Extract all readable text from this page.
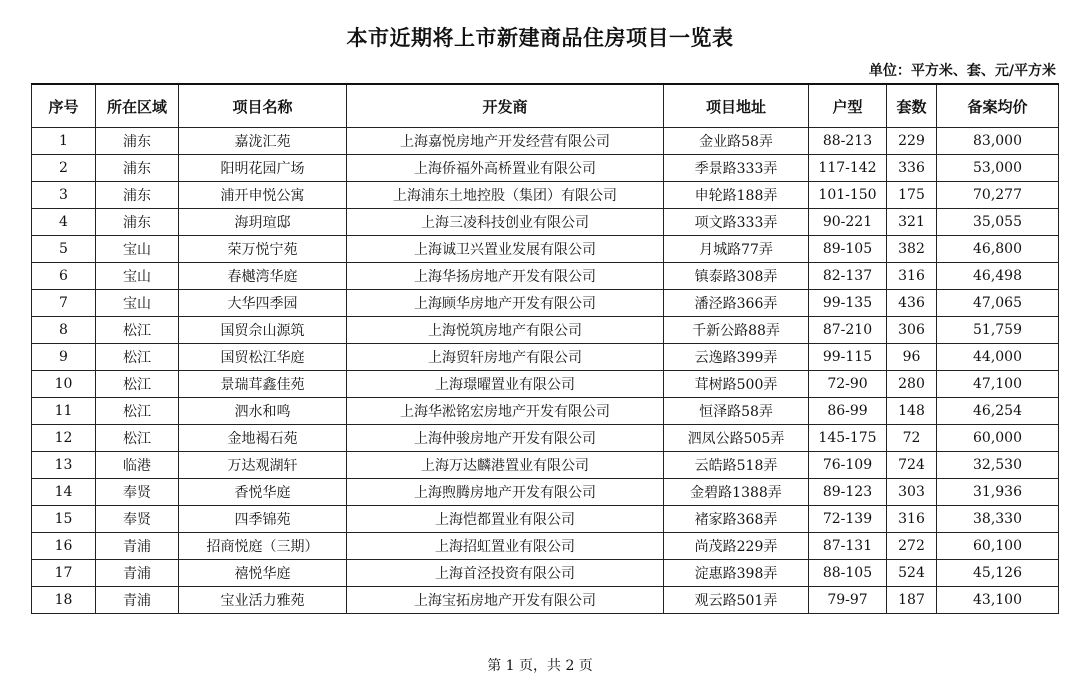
本市近期将上市新建商品住房项目一览表
单位：平方米、套、元/平方米
序号	所在区域	项目名称	开发商	项目地址	户型	套数	备案均价
1	浦东	嘉泷汇苑	上海嘉悦房地产开发经营有限公司	金业路58弄	88-213	229	83,000
2	浦东	阳明花园广场	上海侨福外高桥置业有限公司	季景路333弄	117-142	336	53,000
3	浦东	浦开申悦公寓	上海浦东土地控股（集团）有限公司	申轮路188弄	101-150	175	70,277
4	浦东	海玥瑄邸	上海三凌科技创业有限公司	项文路333弄	90-221	321	35,055
5	宝山	荣万悦宁苑	上海诚卫兴置业发展有限公司	月城路77弄	89-105	382	46,800
6	宝山	春樾湾华庭	上海华扬房地产开发有限公司	镇泰路308弄	82-137	316	46,498
7	宝山	大华四季园	上海顾华房地产开发有限公司	潘泾路366弄	99-135	436	47,065
8	松江	国贸佘山源筑	上海悦筑房地产有限公司	千新公路88弄	87-210	306	51,759
9	松江	国贸松江华庭	上海贸轩房地产有限公司	云逸路399弄	99-115	96	44,000
10	松江	景瑞茸鑫佳苑	上海璟曜置业有限公司	茸树路500弄	72-90	280	47,100
11	松江	泗水和鸣	上海华淞铭宏房地产开发有限公司	恒泽路58弄	86-99	148	46,254
12	松江	金地褐石苑	上海仲骏房地产开发有限公司	泗凤公路505弄	145-175	72	60,000
13	临港	万达观湖轩	上海万达麟港置业有限公司	云皓路518弄	76-109	724	32,530
14	奉贤	香悦华庭	上海煦腾房地产开发有限公司	金碧路1388弄	89-123	303	31,936
15	奉贤	四季锦苑	上海恺都置业有限公司	褚家路368弄	72-139	316	38,330
16	青浦	招商悦庭（三期）	上海招虹置业有限公司	尚茂路229弄	87-131	272	60,100
17	青浦	禧悦华庭	上海首泾投资有限公司	淀惠路398弄	88-105	524	45,126
18	青浦	宝业活力雅苑	上海宝拓房地产开发有限公司	观云路501弄	79-97	187	43,100
第 1 页，共 2 页
